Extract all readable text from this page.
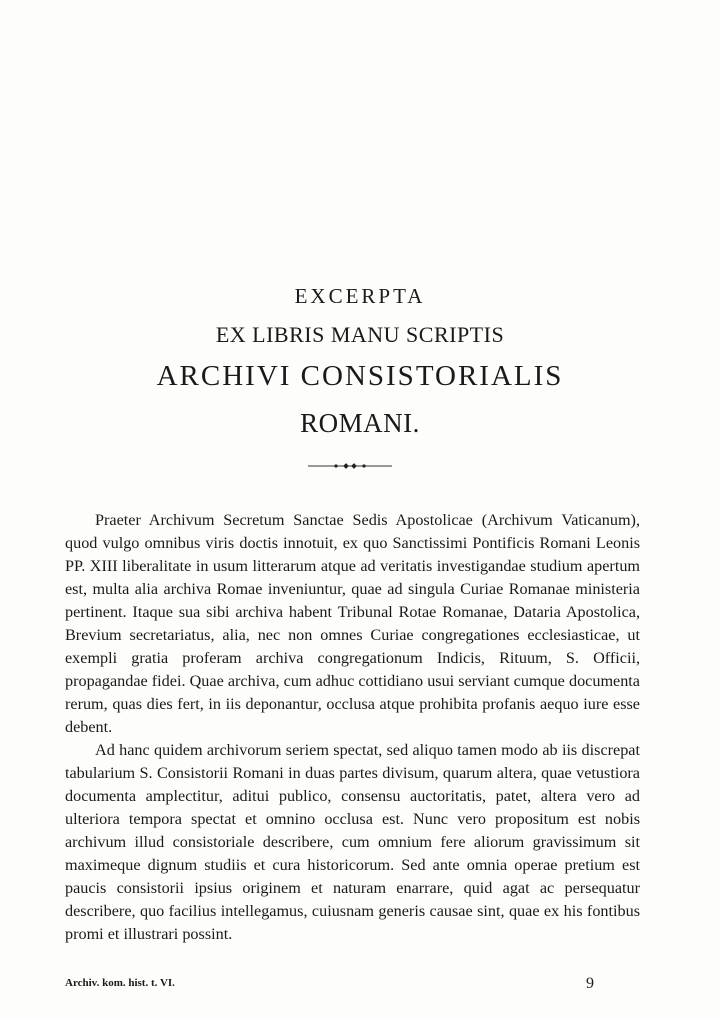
EXCERPTA
EX LIBRIS MANU SCRIPTIS
ARCHIVI CONSISTORIALIS
ROMANI.

Praeter Archivum Secretum Sanctae Sedis Apostolicae (Archivum Vaticanum), quod vulgo omnibus viris doctis innotuit, ex quo Sanctissimi Pontificis Romani Leonis PP. XIII liberalitate in usum litterarum atque ad veritatis investigandae studium apertum est, multa alia archiva Romae inveniuntur, quae ad singula Curiae Romanae ministeria pertinent. Itaque sua sibi archiva habent Tribunal Rotae Romanae, Dataria Apostolica, Brevium secretariatus, alia, nec non omnes Curiae congregationes ecclesiasticae, ut exempli gratia proferam archiva congregationum Indicis, Rituum, S. Officii, propagandae fidei. Quae archiva, cum adhuc cottidiano usui serviant cumque documenta rerum, quas dies fert, in iis deponantur, occlusa atque prohibita profanis aequo iure esse debent.

Ad hanc quidem archivorum seriem spectat, sed aliquo tamen modo ab iis discrepat tabularium S. Consistorii Romani in duas partes divisum, quarum altera, quae vetustiora documenta amplectitur, aditui publico, consensu auctoritatis, patet, altera vero ad ulteriora tempora spectat et omnino occlusa est. Nunc vero propositum est nobis archivum illud consistoriale describere, cum omnium fere aliorum gravissimum sit maximeque dignum studiis et cura historicorum. Sed ante omnia operae pretium est paucis consistorii ipsius originem et naturam enarrare, quid agat ac persequatur describere, quo facilius intellegamus, cuiusnam generis causae sint, quae ex his fontibus promi et illustrari possint.

Archiv. kom. hist. t. VI.	9
